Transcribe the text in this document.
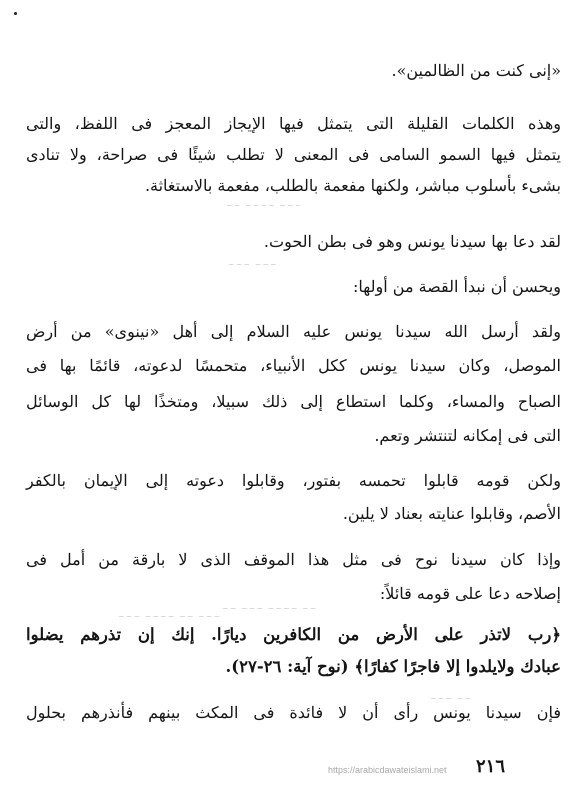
«إنى كنت من الظالمين».
وهذه الكلمات القليلة التى يتمثل فيها الإيجاز المعجز فى اللفظ، والتى
يتمثل فيها السمو السامى فى المعنى لا تطلب شيئًا فى صراحة، ولا تنادى
بشىء بأسلوب مباشر، ولكنها مفعمة بالطلب، مفعمة بالاستغاثة.
لقد دعا بها سيدنا يونس وهو فى بطن الحوت.
ويحسن أن نبدأ القصة من أولها:
ولقد أرسل الله سيدنا يونس عليه السلام إلى أهل «نينوى» من أرض
الموصل، وكان سيدنا يونس ككل الأنبياء، متحمسًا لدعوته، قائمًا بها فى
الصباح والمساء، وكلما استطاع إلى ذلك سبيلا، ومتخذًا لها كل الوسائل
التى فى إمكانه لتنتشر وتعم.
ولكن قومه قابلوا تحمسه بفتور، وقابلوا دعوته إلى الإيمان بالكفر
الأصم، وقابلوا عنايته بعناد لا يلين.
وإذا كان سيدنا نوح فى مثل هذا الموقف الذى لا بارقة من أمل فى
إصلاحه دعا على قومه قائلاً:
﴿رب لاتذر على الأرض من الكافرين ديارًا. إنك إن تذرهم يضلوا
عبادك ولايلدوا إلا فاجرًا كفارًا﴾ (نوح آية: ٢٦-٢٧).
فإن سيدنا يونس رأى أن لا فائدة فى المكث بينهم فأنذرهم بحلول
~~~ ~~~~ ~~
~~~ ~~~
~~ ~~~~ ~~~ ~~
~~~ ~~ ~~~~ ~~~
~~ ~~~
https://arabicdawateislami.net	٢١٦
